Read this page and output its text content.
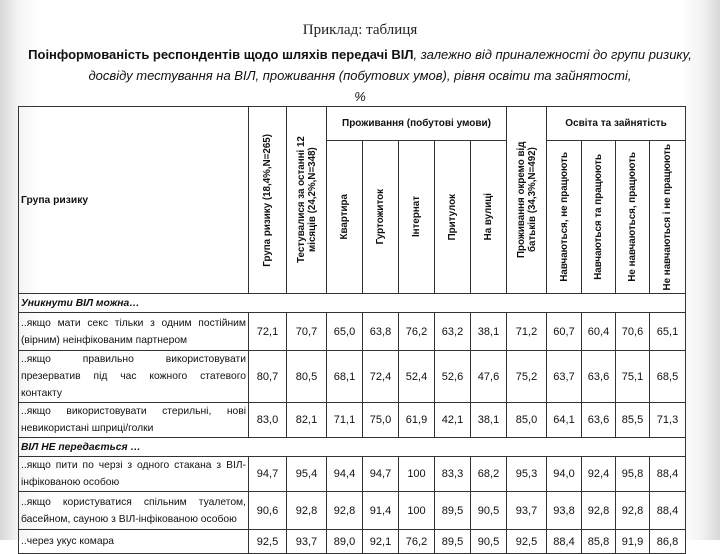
Приклад: таблиця
Поінформованість респондентів щодо шляхів передачі ВІЛ, залежно від приналежності до групи ризику, досвіду тестування на ВІЛ, проживання (побутових умов), рівня освіти та зайнятості,
%
Група ризику	Група ризику (18,4%,N=265)	Тестувалися за останні 12 місяців (24,2%,N=348)	Проживання (побутові умови)					Проживання окремо від батьків (34,3%,N=492)	Освіта та зайнятість			

			Квартира	Гуртожиток	Інтернат	Притулок	На вулиці		Навчаються, не працюють	Навчаються та працюють	Не навчаються, працюють	Не навчаються і не працюють

Уникнути ВІЛ можна…												
..якщо мати секс тільки з одним постійним (вірним) неінфікованим партнером	72,1	70,7	65,0	63,8	76,2	63,2	38,1	71,2	60,7	60,4	70,6	65,1
..якщо правильно використовувати презерватив під час кожного статевого контакту	80,7	80,5	68,1	72,4	52,4	52,6	47,6	75,2	63,7	63,6	75,1	68,5
..якщо використовувати стерильні, нові невикористані шприці/голки	83,0	82,1	71,1	75,0	61,9	42,1	38,1	85,0	64,1	63,6	85,5	71,3
ВІЛ НЕ передається …												
..якщо пити по черзі з одного стакана з ВІЛ-інфікованою особою	94,7	95,4	94,4	94,7	100	83,3	68,2	95,3	94,0	92,4	95,8	88,4
..якщо користуватися спільним туалетом, басейном, сауною з ВІЛ-інфікованою особою	90,6	92,8	92,8	91,4	100	89,5	90,5	93,7	93,8	92,8	92,8	88,4
..через укус комара	92,5	93,7	89,0	92,1	76,2	89,5	90,5	92,5	88,4	85,8	91,9	86,8
